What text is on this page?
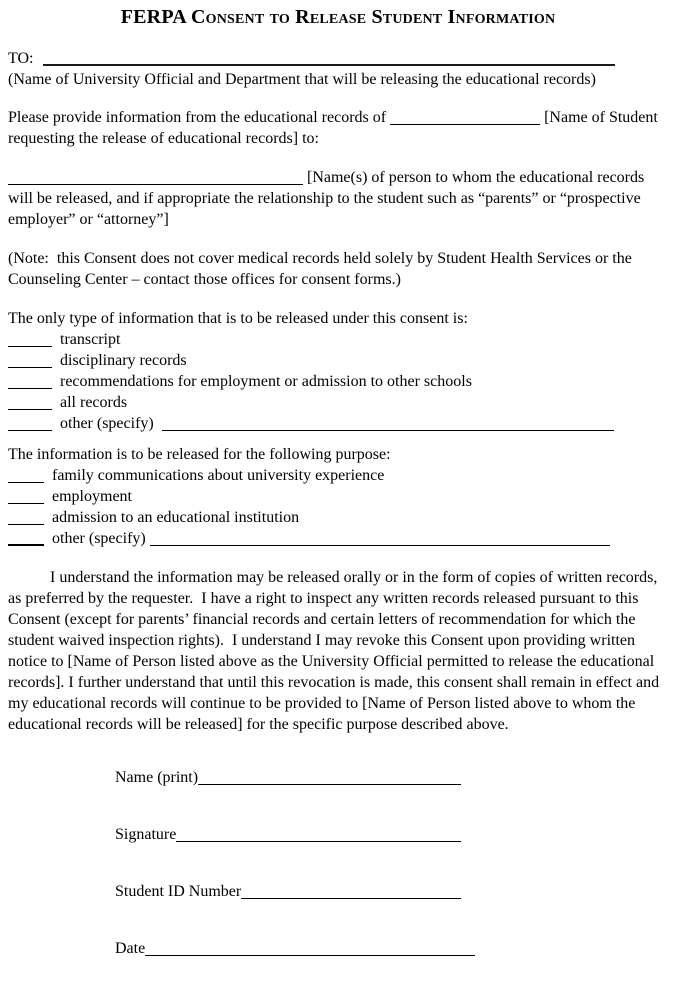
FERPA Consent to Release Student Information
TO:
(Name of University Official and Department that will be releasing the educational records)

Please provide information from the educational records of	[Name of Student requesting the release of educational records] to:

[Name(s) of person to whom the educational records will be released, and if appropriate the relationship to the student such as “parents” or “prospective employer” or “attorney”]

(Note:  this Consent does not cover medical records held solely by Student Health Services or the Counseling Center – contact those offices for consent forms.)

The only type of information that is to be released under this consent is:
transcript
disciplinary records
recommendations for employment or admission to other schools
all records
other (specify)
The information is to be released for the following purpose:
family communications about university experience
employment
admission to an educational institution
other (specify)

I understand the information may be released orally or in the form of copies of written records, as preferred by the requester.  I have a right to inspect any written records released pursuant to this Consent (except for parents’ financial records and certain letters of recommendation for which the student waived inspection rights).  I understand I may revoke this Consent upon providing written notice to [Name of Person listed above as the University Official permitted to release the educational records]. I further understand that until this revocation is made, this consent shall remain in effect and my educational records will continue to be provided to [Name of Person listed above to whom the educational records will be released] for the specific purpose described above.

Name (print)
Signature
Student ID Number
Date
